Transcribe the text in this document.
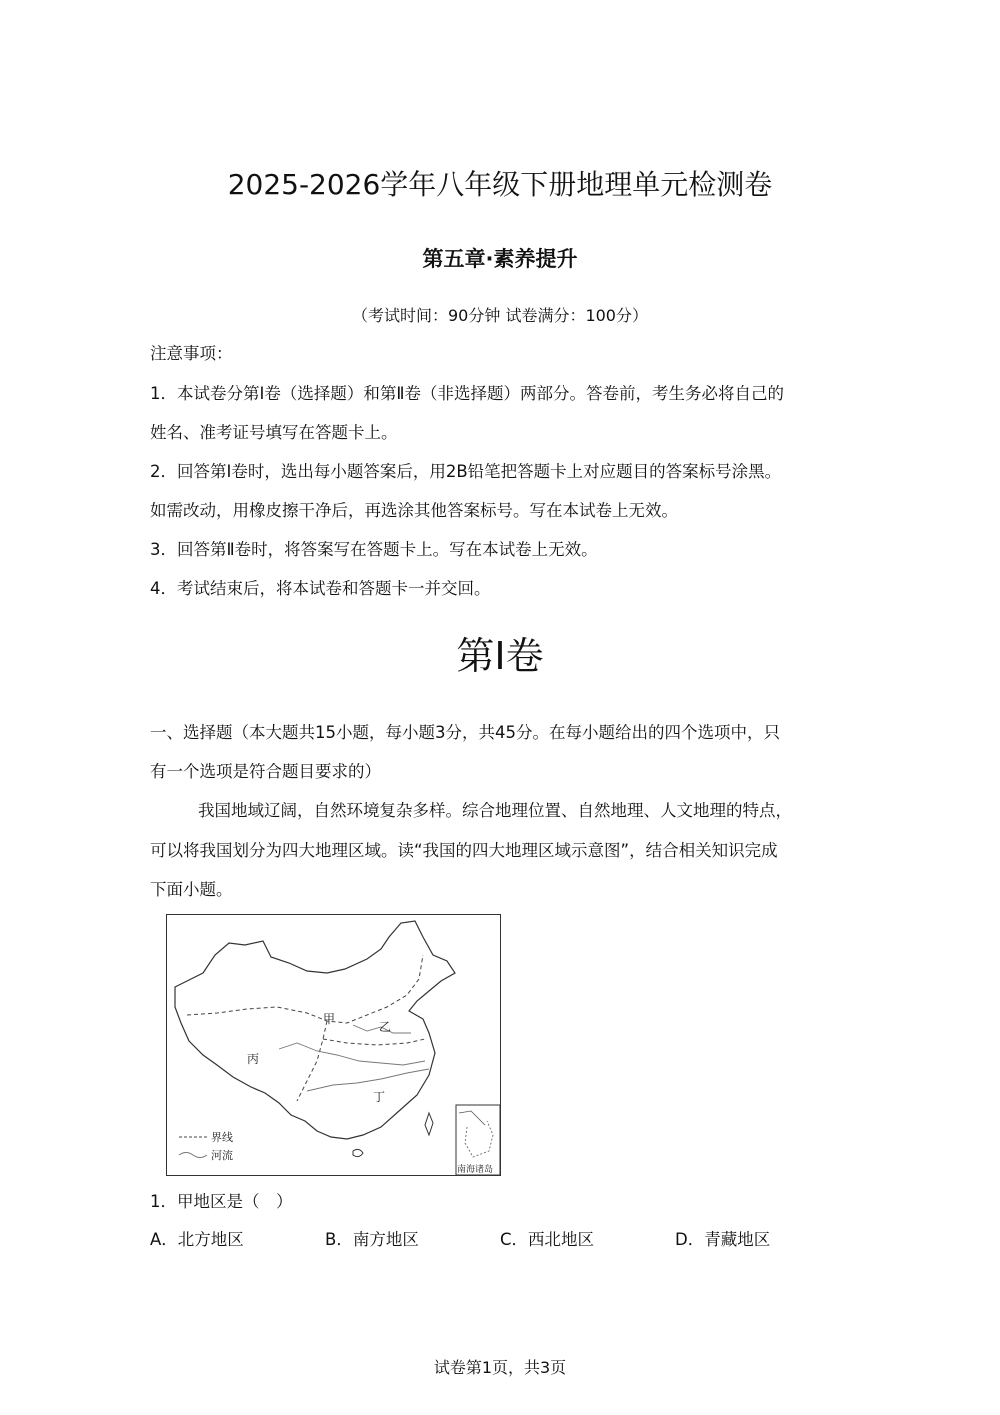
2025-2026学年八年级下册地理单元检测卷
第五章·素养提升
（考试时间：90分钟 试卷满分：100分）
注意事项：
1．本试卷分第Ⅰ卷（选择题）和第Ⅱ卷（非选择题）两部分。答卷前，考生务必将自己的
姓名、准考证号填写在答题卡上。
2．回答第Ⅰ卷时，选出每小题答案后，用2B铅笔把答题卡上对应题目的答案标号涂黑。
如需改动，用橡皮擦干净后，再选涂其他答案标号。写在本试卷上无效。
3．回答第Ⅱ卷时，将答案写在答题卡上。写在本试卷上无效。
4．考试结束后，将本试卷和答题卡一并交回。
第Ⅰ卷
一、选择题（本大题共15小题，每小题3分，共45分。在每小题给出的四个选项中，只
有一个选项是符合题目要求的）
我国地域辽阔，自然环境复杂多样。综合地理位置、自然地理、人文地理的特点，
可以将我国划分为四大地理区域。读“我国的四大地理区域示意图”，结合相关知识完成
下面小题。
甲
乙
丙
丁
界线
河流
南海诸岛
1．甲地区是（　）
A．北方地区	B．南方地区	C．西北地区	D．青藏地区
试卷第1页，共3页
